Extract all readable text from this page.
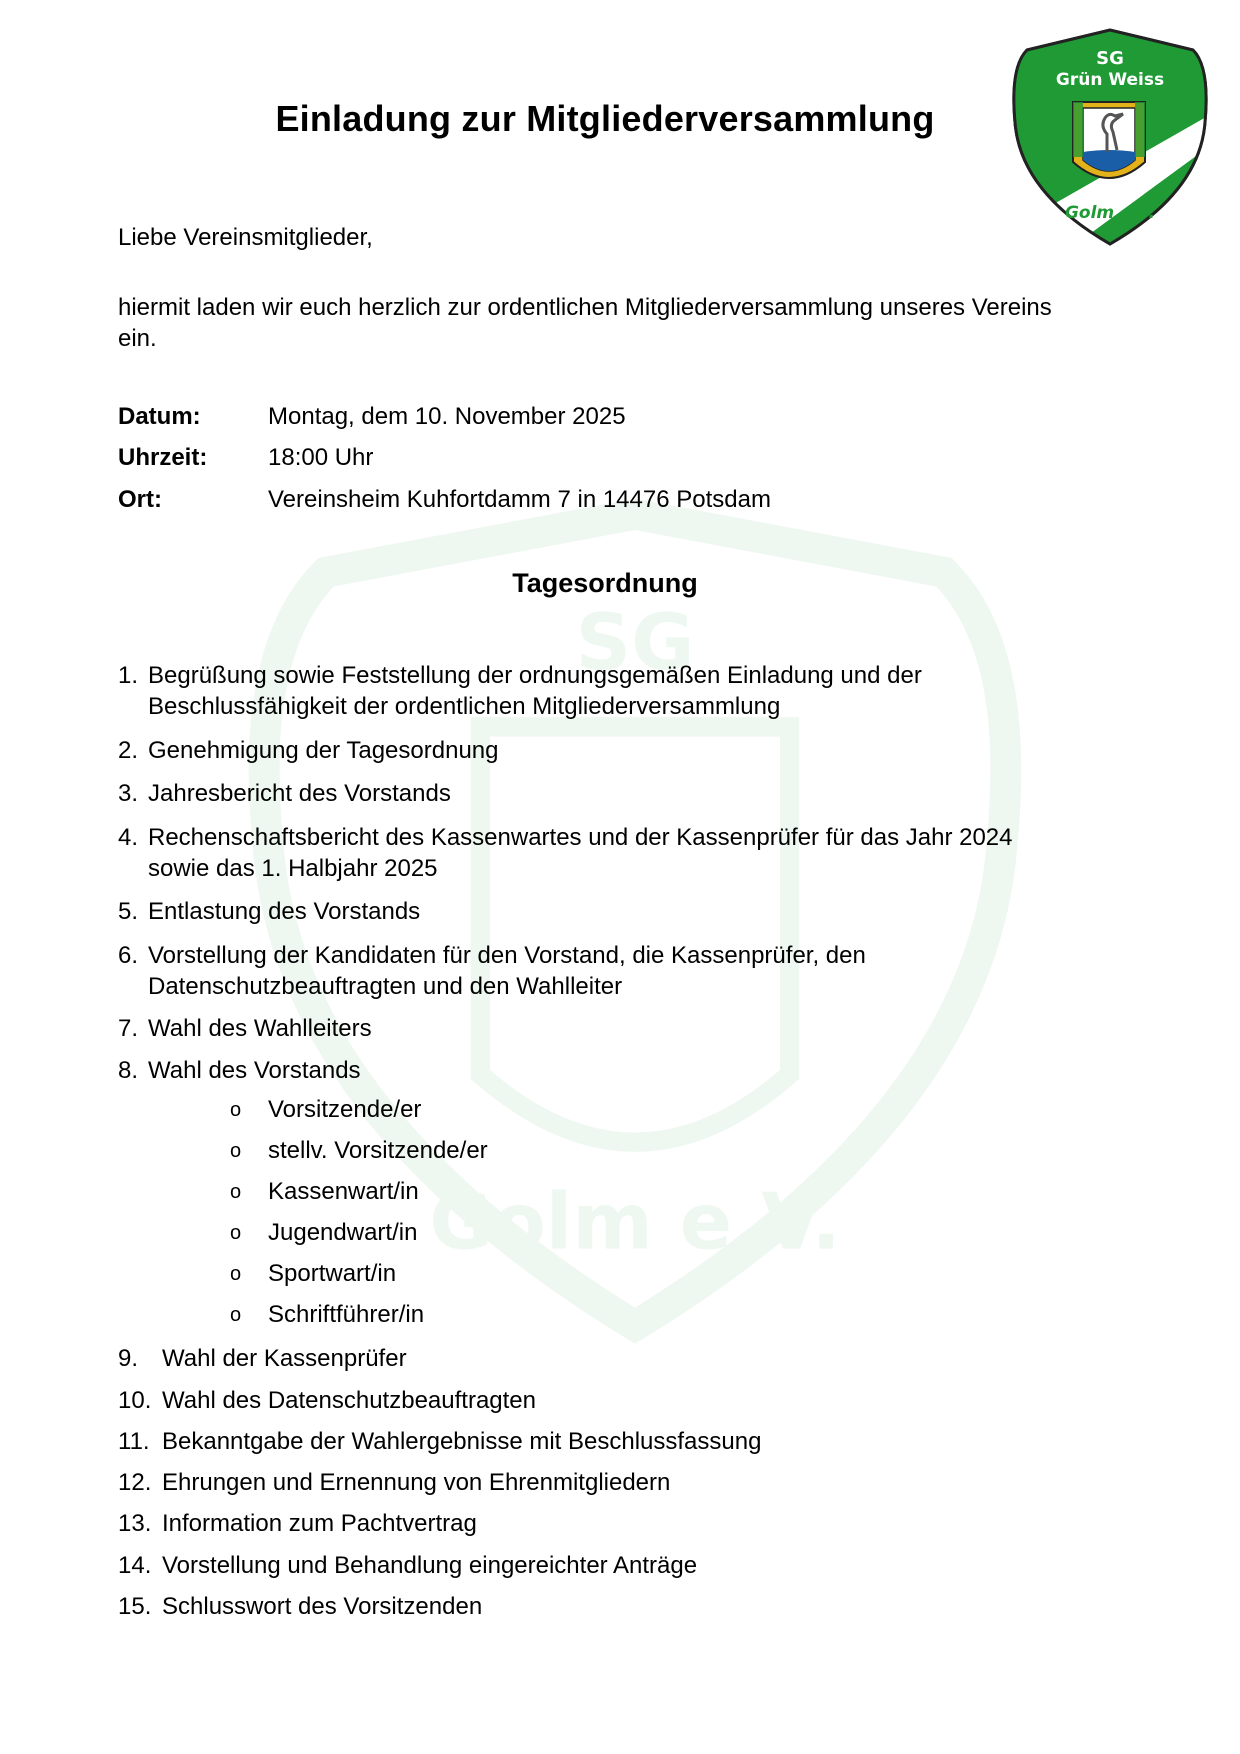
SG
Golm e.V.
SG
Grün Weiss
Golm e.V.
Einladung zur Mitgliederversammlung
Liebe Vereinsmitglieder,
hiermit laden wir euch herzlich zur ordentlichen Mitgliederversammlung unseres Vereins
ein.
Datum:	Montag, dem 10. November 2025
Uhrzeit:	18:00 Uhr
Ort:	Vereinsheim Kuhfortdamm 7 in 14476 Potsdam
Tagesordnung
1. Begrüßung sowie Feststellung der ordnungsgemäßen Einladung und der
Beschlussfähigkeit der ordentlichen Mitgliederversammlung
2. Genehmigung der Tagesordnung
3. Jahresbericht des Vorstands
4. Rechenschaftsbericht des Kassenwartes und der Kassenprüfer für das Jahr 2024
sowie das 1. Halbjahr 2025
5. Entlastung des Vorstands
6. Vorstellung der Kandidaten für den Vorstand, die Kassenprüfer, den
Datenschutzbeauftragten und den Wahlleiter
7. Wahl des Wahlleiters
8. Wahl des Vorstands
o Vorsitzende/er
o stellv. Vorsitzende/er
o Kassenwart/in
o Jugendwart/in
o Sportwart/in
o Schriftführer/in
9. Wahl der Kassenprüfer
10. Wahl des Datenschutzbeauftragten
11. Bekanntgabe der Wahlergebnisse mit Beschlussfassung
12. Ehrungen und Ernennung von Ehrenmitgliedern
13. Information zum Pachtvertrag
14. Vorstellung und Behandlung eingereichter Anträge
15. Schlusswort des Vorsitzenden
